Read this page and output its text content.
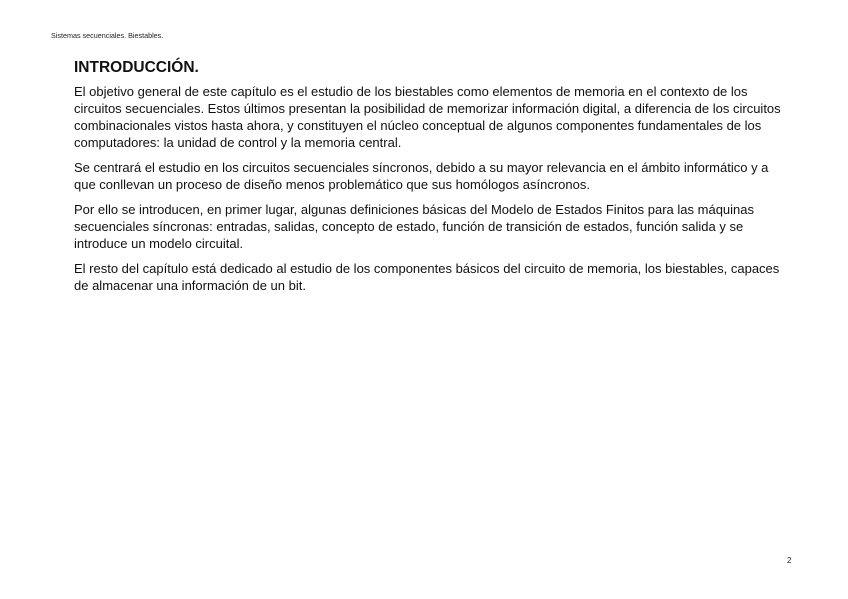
Sistemas secuenciales. Biestables.
INTRODUCCIÓN.

El objetivo general de este capítulo es el estudio de los biestables como elementos de memoria en el contexto de los circuitos secuenciales. Estos últimos presentan la posibilidad de memorizar información digital, a diferencia de los circuitos combinacionales vistos hasta ahora, y constituyen el núcleo conceptual de algunos componentes fundamentales de los computadores: la unidad de control y la memoria central.

Se centrará el estudio en los circuitos secuenciales síncronos, debido a su mayor relevancia en el ámbito informático y a que conllevan un proceso de diseño menos problemático que sus homólogos asíncronos.

Por ello se introducen, en primer lugar, algunas definiciones básicas del Modelo de Estados Finitos para las máquinas secuenciales síncronas: entradas, salidas, concepto de estado, función de transición de estados, función salida y se introduce un modelo circuital.

El resto del capítulo está dedicado al estudio de los componentes básicos del circuito de memoria, los biestables, capaces de almacenar una información de un bit.

2
